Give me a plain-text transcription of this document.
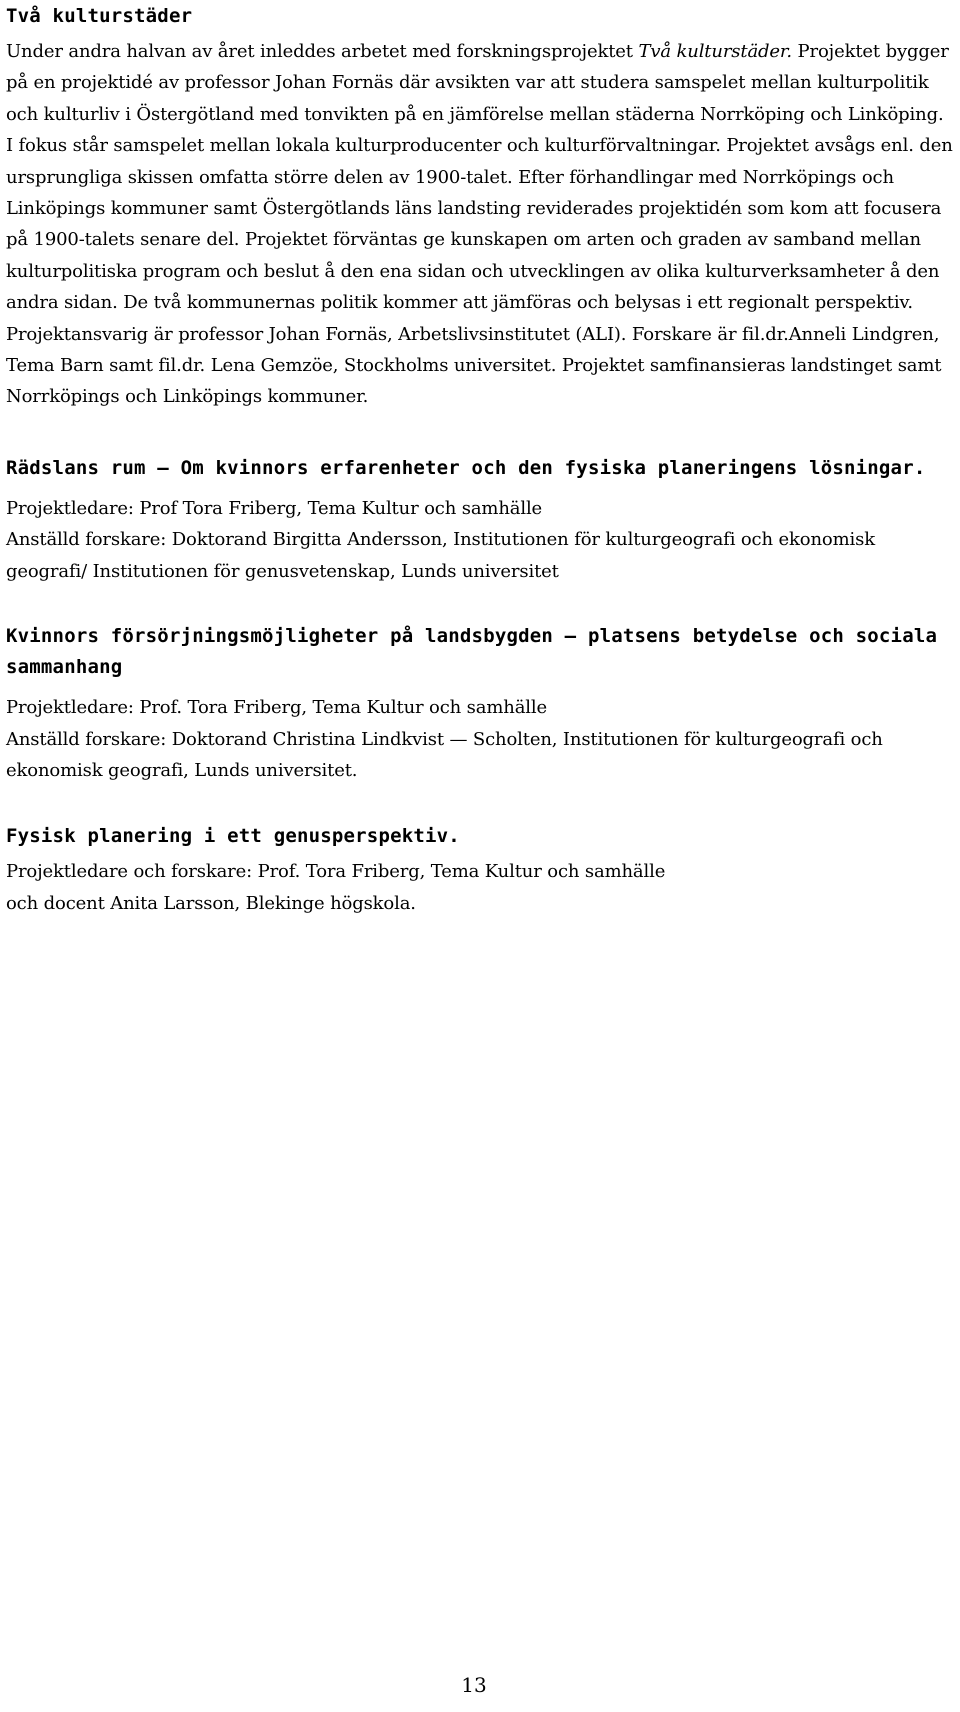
Två kulturstäder

Under andra halvan av året inleddes arbetet med forskningsprojektet Två kulturstäder. Projektet bygger på en projektidé av professor Johan Fornäs där avsikten var att studera samspelet mellan kulturpolitik och kulturliv i Östergötland med tonvikten på en jämförelse mellan städerna Norrköping och Linköping. I fokus står samspelet mellan lokala kulturproducenter och kulturförvaltningar. Projektet avsågs enl. den ursprungliga skissen omfatta större delen av 1900-talet. Efter förhandlingar med Norrköpings och Linköpings kommuner samt Östergötlands läns landsting reviderades projektidén som kom att focusera på 1900-talets senare del. Projektet förväntas ge kunskapen om arten och graden av samband mellan kulturpolitiska program och beslut å den ena sidan och utvecklingen av olika kulturverksamheter å den andra sidan. De två kommunernas politik kommer att jämföras och belysas i ett regionalt perspektiv. Projektansvarig är professor Johan Fornäs, Arbetslivsinstitutet (ALI). Forskare är fil.dr.Anneli Lindgren, Tema Barn samt fil.dr. Lena Gemzöe, Stockholms universitet. Projektet samfinansieras landstinget samt Norrköpings och Linköpings kommuner.

Rädslans rum — Om kvinnors erfarenheter och den fysiska planeringens lösningar.

Projektledare: Prof Tora Friberg, Tema Kultur och samhälle

Anställd forskare: Doktorand Birgitta Andersson, Institutionen för kulturgeografi och ekonomisk geografi/ Institutionen för genusvetenskap, Lunds universitet

Kvinnors försörjningsmöjligheter på landsbygden — platsens betydelse och sociala sammanhang

Projektledare: Prof. Tora Friberg, Tema Kultur och samhälle

Anställd forskare: Doktorand Christina Lindkvist — Scholten, Institutionen för kulturgeografi och ekonomisk geografi, Lunds universitet.

Fysisk planering i ett genusperspektiv.

Projektledare och forskare: Prof. Tora Friberg, Tema Kultur och samhälle

och docent Anita Larsson, Blekinge högskola.

13
